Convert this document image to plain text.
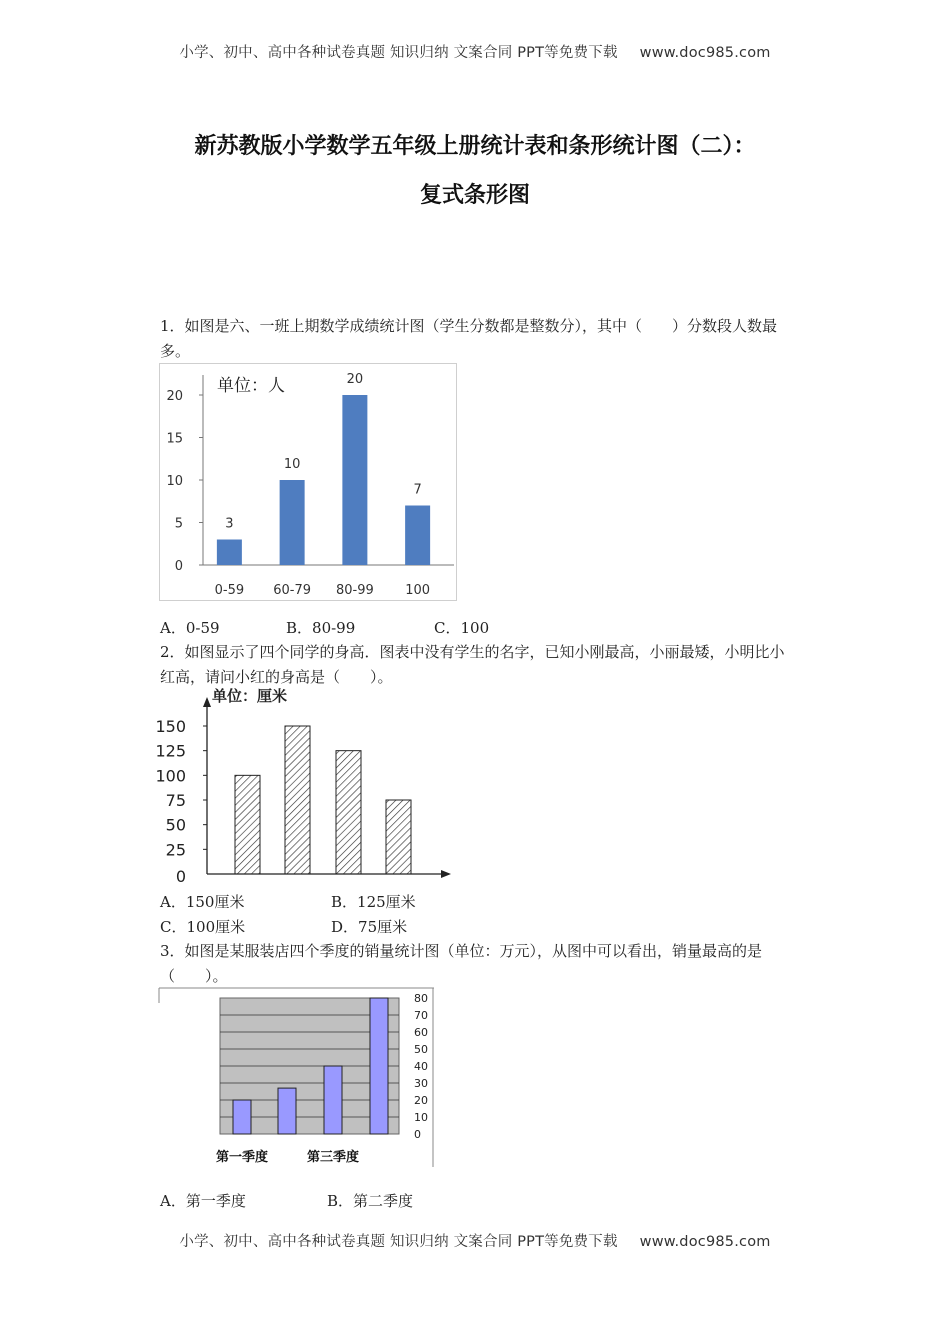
小学、初中、高中各种试卷真题 知识归纳 文案合同 PPT等免费下载 www.doc985.com
新苏教版小学数学五年级上册统计表和条形统计图（二）：
复式条形图
1．如图是六、一班上期数学成绩统计图（学生分数都是整数分），其中（　　）分数段人数最多。
0
5
10
15
20
单位：人
3
0-59
10
60-79
20
80-99
7
100
A．0-59	B．80-99	C．100
2．如图显示了四个同学的身高．图表中没有学生的名字，已知小刚最高，小丽最矮，小明比小红高，请问小红的身高是（　　）。
0
25
50
75
100
125
150
单位：厘米
A．150厘米	B．125厘米
C．100厘米	D．75厘米
3．如图是某服装店四个季度的销量统计图（单位：万元），从图中可以看出，销量最高的是（　　）。
0
10
20
30
40
50
60
70
80
第一季度	第三季度
A．第一季度	B．第二季度
小学、初中、高中各种试卷真题 知识归纳 文案合同 PPT等免费下载 www.doc985.com
